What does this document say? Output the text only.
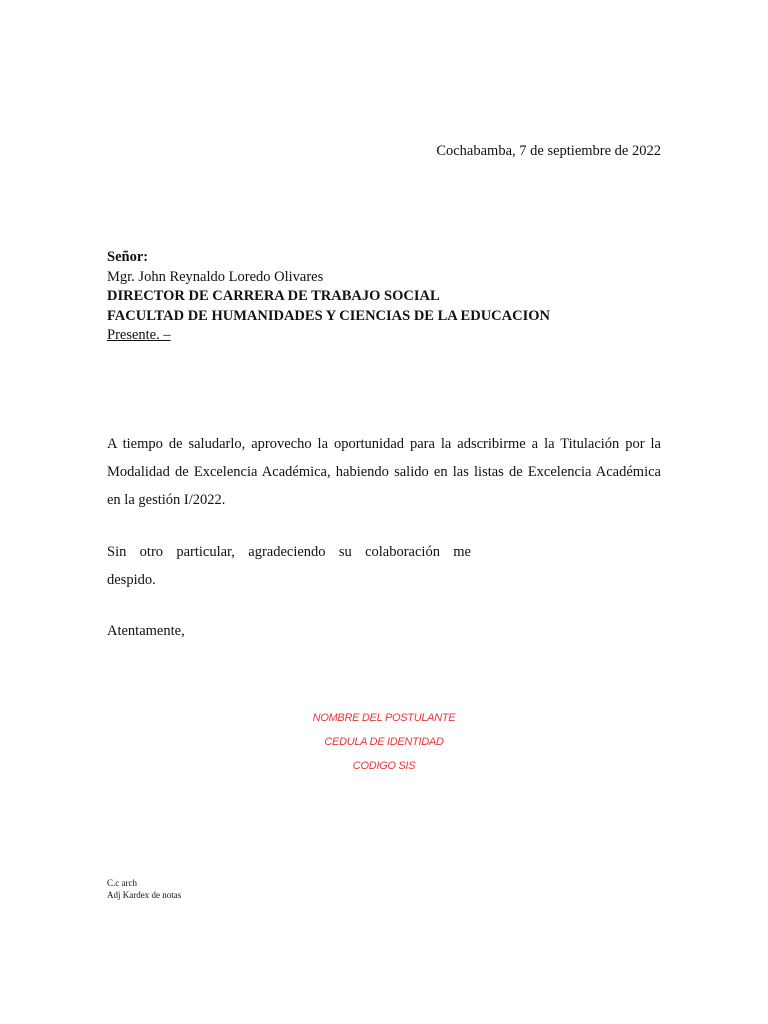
Cochabamba, 7 de septiembre de 2022
Señor:
Mgr. John Reynaldo Loredo Olivares
DIRECTOR DE CARRERA DE TRABAJO SOCIAL
FACULTAD DE HUMANIDADES Y CIENCIAS DE LA EDUCACION
Presente. –
A tiempo de saludarlo, aprovecho la oportunidad para la adscribirme a la Titulación por la Modalidad de Excelencia Académica, habiendo salido en las listas de Excelencia Académica en la gestión I/2022.
Sin otro particular, agradeciendo su colaboración me
despido.
Atentamente,
NOMBRE DEL POSTULANTE
CEDULA DE IDENTIDAD
CODIGO SIS
C.c arch
Adj Kardex de notas
